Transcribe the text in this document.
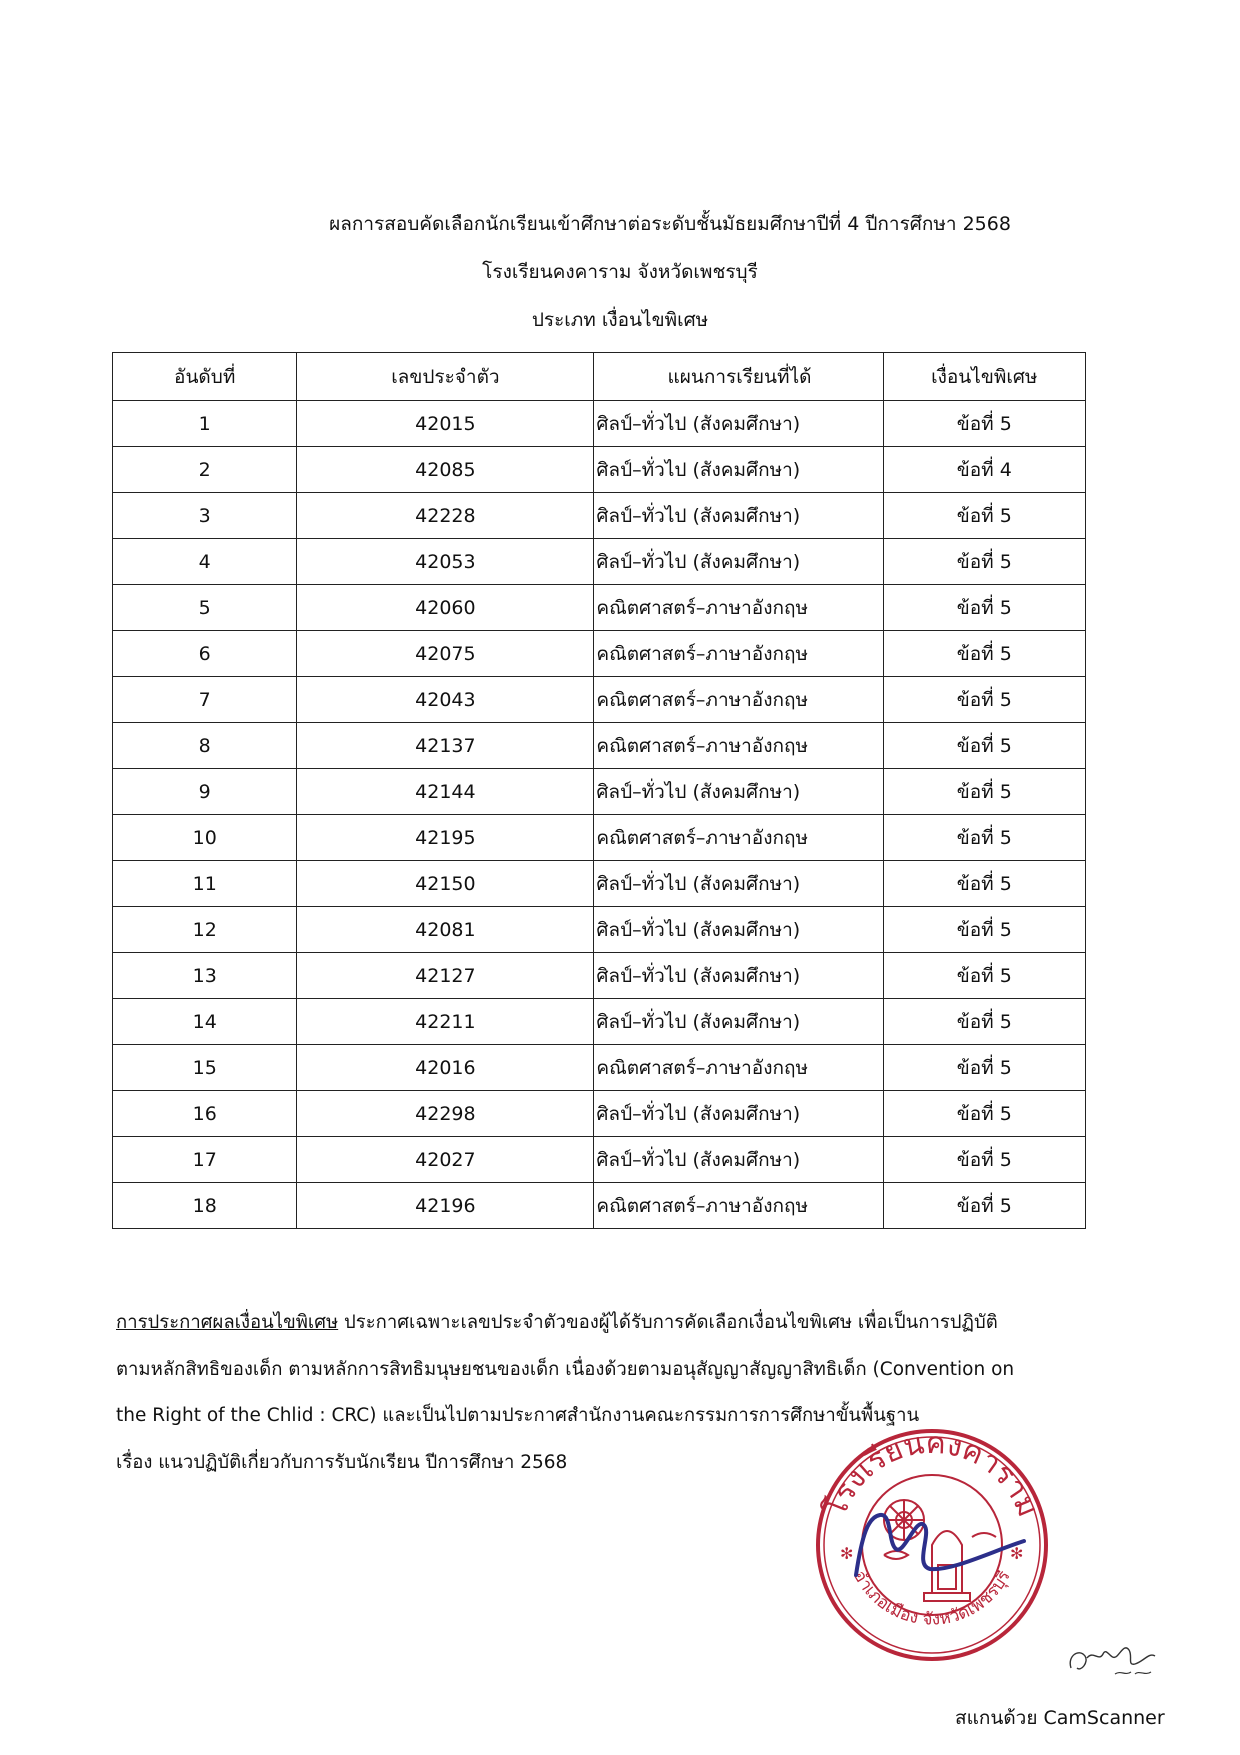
ผลการสอบคัดเลือกนักเรียนเข้าศึกษาต่อระดับชั้นมัธยมศึกษาปีที่ 4 ปีการศึกษา 2568
โรงเรียนคงคาราม จังหวัดเพชรบุรี
ประเภท เงื่อนไขพิเศษ
อันดับที่	เลขประจำตัว	แผนการเรียนที่ได้	เงื่อนไขพิเศษ
1	42015	ศิลป์–ทั่วไป (สังคมศึกษา)	ข้อที่ 5
2	42085	ศิลป์–ทั่วไป (สังคมศึกษา)	ข้อที่ 4
3	42228	ศิลป์–ทั่วไป (สังคมศึกษา)	ข้อที่ 5
4	42053	ศิลป์–ทั่วไป (สังคมศึกษา)	ข้อที่ 5
5	42060	คณิตศาสตร์–ภาษาอังกฤษ	ข้อที่ 5
6	42075	คณิตศาสตร์–ภาษาอังกฤษ	ข้อที่ 5
7	42043	คณิตศาสตร์–ภาษาอังกฤษ	ข้อที่ 5
8	42137	คณิตศาสตร์–ภาษาอังกฤษ	ข้อที่ 5
9	42144	ศิลป์–ทั่วไป (สังคมศึกษา)	ข้อที่ 5
10	42195	คณิตศาสตร์–ภาษาอังกฤษ	ข้อที่ 5
11	42150	ศิลป์–ทั่วไป (สังคมศึกษา)	ข้อที่ 5
12	42081	ศิลป์–ทั่วไป (สังคมศึกษา)	ข้อที่ 5
13	42127	ศิลป์–ทั่วไป (สังคมศึกษา)	ข้อที่ 5
14	42211	ศิลป์–ทั่วไป (สังคมศึกษา)	ข้อที่ 5
15	42016	คณิตศาสตร์–ภาษาอังกฤษ	ข้อที่ 5
16	42298	ศิลป์–ทั่วไป (สังคมศึกษา)	ข้อที่ 5
17	42027	ศิลป์–ทั่วไป (สังคมศึกษา)	ข้อที่ 5
18	42196	คณิตศาสตร์–ภาษาอังกฤษ	ข้อที่ 5
การประกาศผลเงื่อนไขพิเศษ ประกาศเฉพาะเลขประจำตัวของผู้ได้รับการคัดเลือกเงื่อนไขพิเศษ เพื่อเป็นการปฏิบัติ
ตามหลักสิทธิของเด็ก ตามหลักการสิทธิมนุษยชนของเด็ก เนื่องด้วยตามอนุสัญญาสัญญาสิทธิเด็ก (Convention on
the Right of the Chlid : CRC) และเป็นไปตามประกาศสำนักงานคณะกรรมการการศึกษาขั้นพื้นฐาน
เรื่อง แนวปฏิบัติเกี่ยวกับการรับนักเรียน ปีการศึกษา 2568
โรงเรียนคงคาราม
อำเภอเมือง จังหวัดเพชรบุรี
✻	✻
สแกนด้วย CamScanner
